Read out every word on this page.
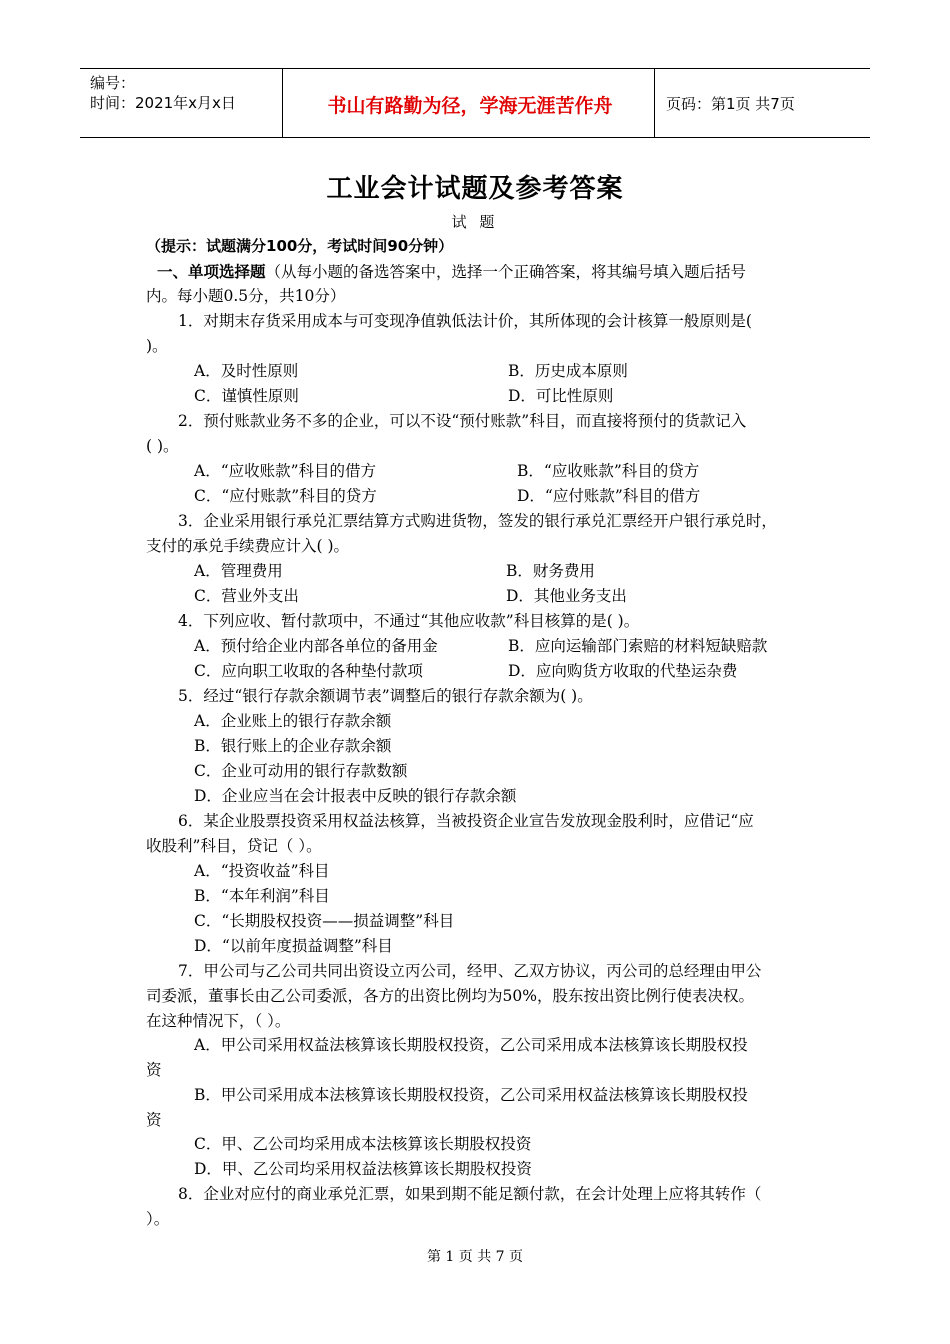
编号：
时间：2021年x月x日	书山有路勤为径，学海无涯苦作舟	页码：第1页 共7页
工业会计试题及参考答案
试 题
（提示：试题满分100分，考试时间90分钟）
一、单项选择题（从每小题的备选答案中，选择一个正确答案，将其编号填入题后括号
内。每小题0.5分，共10分）
1．对期末存货采用成本与可变现净值孰低法计价，其所体现的会计核算一般原则是(
)。
A．及时性原则	B．历史成本原则
C．谨慎性原则	D．可比性原则
2．预付账款业务不多的企业，可以不设“预付账款”科目，而直接将预付的货款记入
( )。
A．“应收账款”科目的借方	B．“应收账款”科目的贷方
C．“应付账款”科目的贷方	D．“应付账款”科目的借方
3．企业采用银行承兑汇票结算方式购进货物，签发的银行承兑汇票经开户银行承兑时，
支付的承兑手续费应计入( )。
A．管理费用	B．财务费用
C．营业外支出	D．其他业务支出
4．下列应收、暂付款项中，不通过“其他应收款”科目核算的是( )。
A．预付给企业内部各单位的备用金	B．应向运输部门索赔的材料短缺赔款
C．应向职工收取的各种垫付款项	D．应向购货方收取的代垫运杂费
5．经过“银行存款余额调节表”调整后的银行存款余额为( )。
A．企业账上的银行存款余额
B．银行账上的企业存款余额
C．企业可动用的银行存款数额
D．企业应当在会计报表中反映的银行存款余额
6．某企业股票投资采用权益法核算，当被投资企业宣告发放现金股利时，应借记“应
收股利”科目，贷记（ ）。
A．“投资收益”科目
B．“本年利润”科目
C．“长期股权投资——损益调整”科目
D．“以前年度损益调整”科目
7．甲公司与乙公司共同出资设立丙公司，经甲、乙双方协议，丙公司的总经理由甲公
司委派，董事长由乙公司委派，各方的出资比例均为50%，股东按出资比例行使表决权。
在这种情况下，（ ）。
A．甲公司采用权益法核算该长期股权投资，乙公司采用成本法核算该长期股权投
资
B．甲公司采用成本法核算该长期股权投资，乙公司采用权益法核算该长期股权投
资
C．甲、乙公司均采用成本法核算该长期股权投资
D．甲、乙公司均采用权益法核算该长期股权投资
8．企业对应付的商业承兑汇票，如果到期不能足额付款，在会计处理上应将其转作（
）。
第 1 页 共 7 页
